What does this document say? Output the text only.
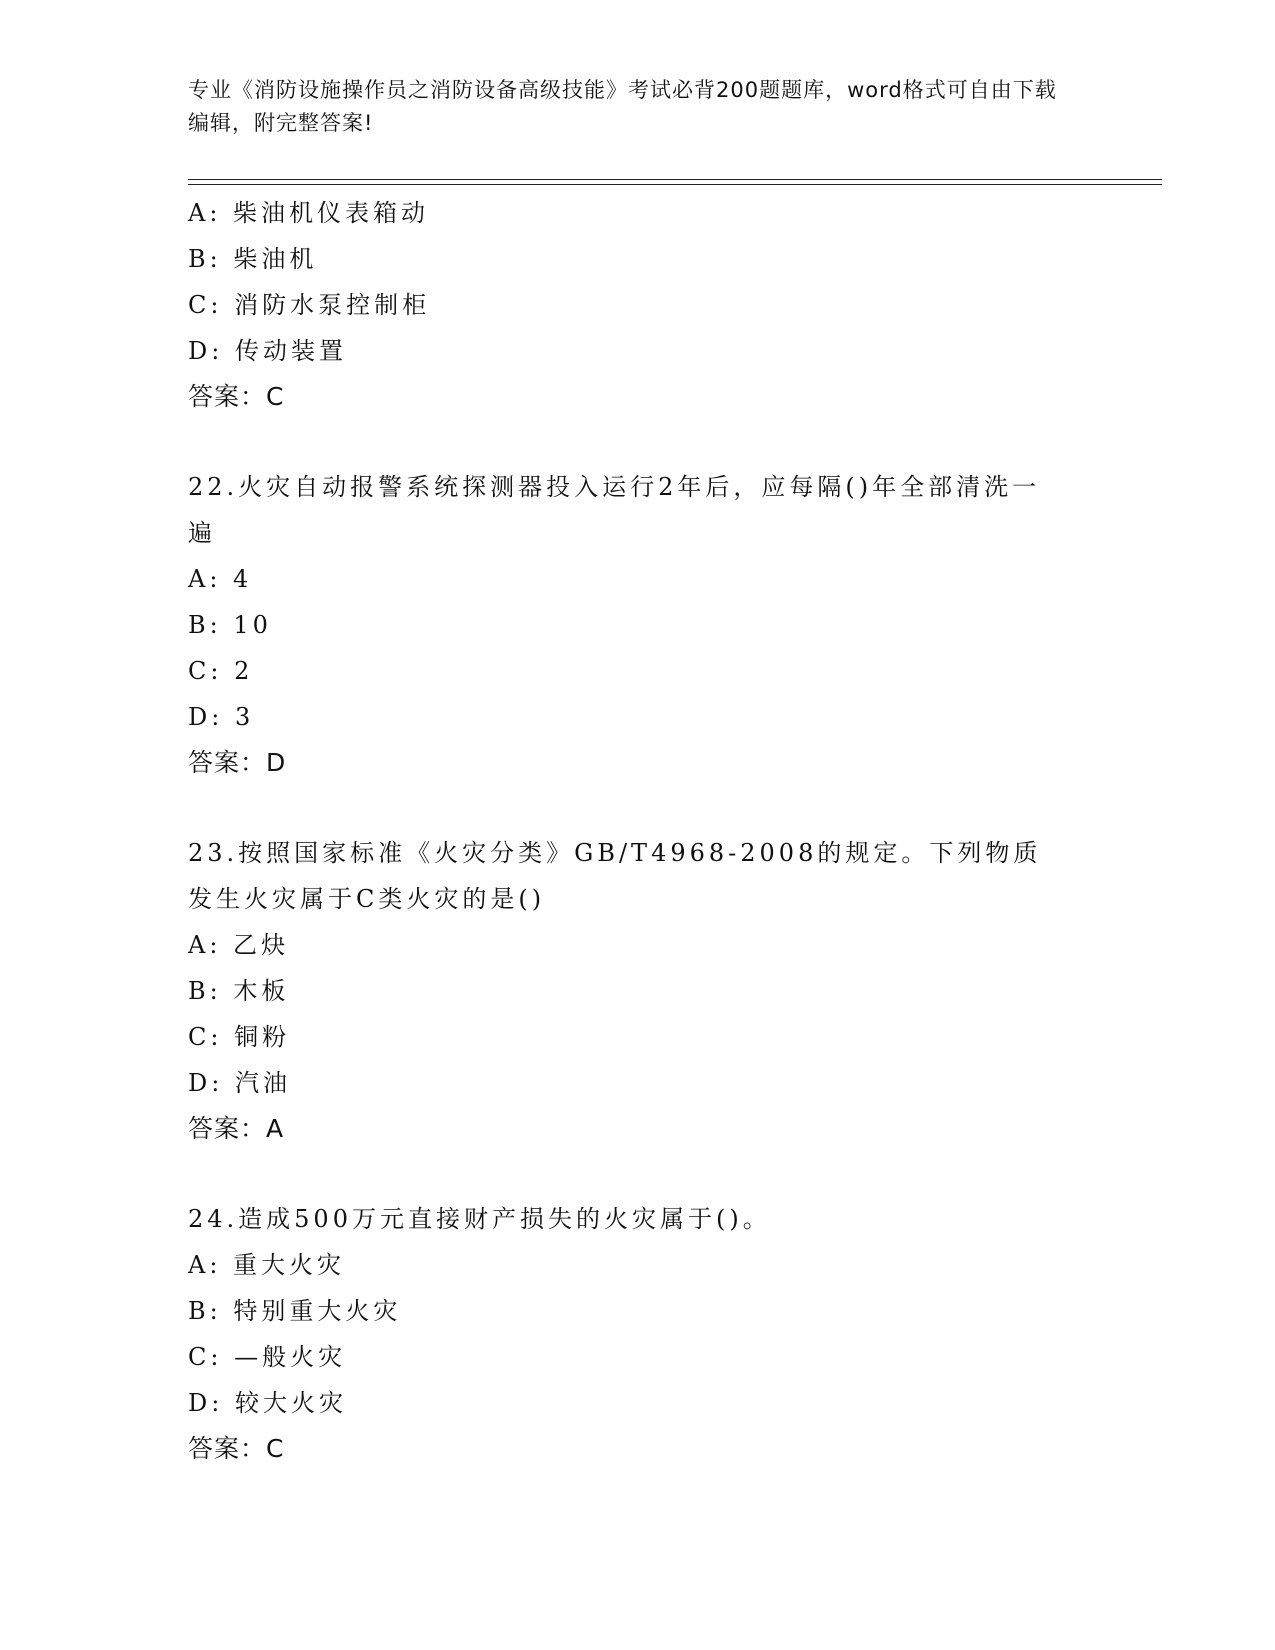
专业《消防设施操作员之消防设备高级技能》考试必背200题题库，word格式可自由下载编辑，附完整答案!
A: 柴油机仪表箱动
B: 柴油机
C: 消防水泵控制柜
D: 传动装置
答案：C
22.火灾自动报警系统探测器投入运行2年后，应每隔()年全部清洗一遍
A: 4
B: 10
C: 2
D: 3
答案：D
23.按照国家标准《火灾分类》GB/T4968-2008的规定。下列物质发生火灾属于C类火灾的是()
A: 乙炔
B: 木板
C: 铜粉
D: 汽油
答案：A
24.造成500万元直接财产损失的火灾属于()。
A: 重大火灾
B: 特别重大火灾
C: —般火灾
D: 较大火灾
答案：C
